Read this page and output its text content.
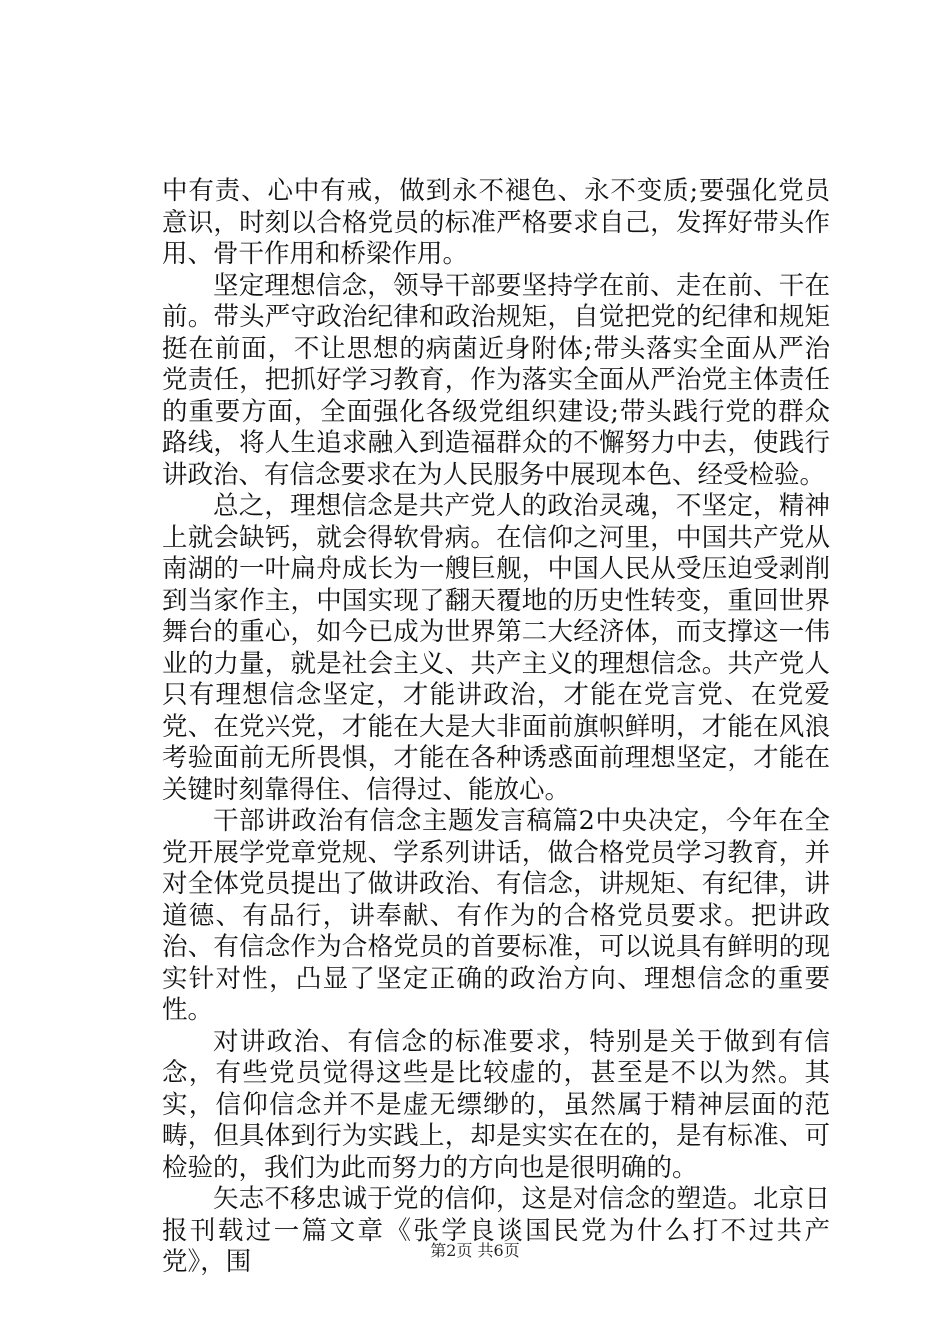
中有责、心中有戒，做到永不褪色、永不变质;要强化党员意识，时刻以合格党员的标准严格要求自己，发挥好带头作用、骨干作用和桥梁作用。

坚定理想信念，领导干部要坚持学在前、走在前、干在前。带头严守政治纪律和政治规矩，自觉把党的纪律和规矩挺在前面，不让思想的病菌近身附体;带头落实全面从严治党责任，把抓好学习教育，作为落实全面从严治党主体责任的重要方面，全面强化各级党组织建设;带头践行党的群众路线，将人生追求融入到造福群众的不懈努力中去，使践行讲政治、有信念要求在为人民服务中展现本色、经受检验。

总之，理想信念是共产党人的政治灵魂，不坚定，精神上就会缺钙，就会得软骨病。在信仰之河里，中国共产党从南湖的一叶扁舟成长为一艘巨舰，中国人民从受压迫受剥削到当家作主，中国实现了翻天覆地的历史性转变，重回世界舞台的重心，如今已成为世界第二大经济体，而支撑这一伟业的力量，就是社会主义、共产主义的理想信念。共产党人只有理想信念坚定，才能讲政治，才能在党言党、在党爱党、在党兴党，才能在大是大非面前旗帜鲜明，才能在风浪考验面前无所畏惧，才能在各种诱惑面前理想坚定，才能在关键时刻靠得住、信得过、能放心。

干部讲政治有信念主题发言稿篇2中央决定，今年在全党开展学党章党规、学系列讲话，做合格党员学习教育，并对全体党员提出了做讲政治、有信念，讲规矩、有纪律，讲道德、有品行，讲奉献、有作为的合格党员要求。把讲政治、有信念作为合格党员的首要标准，可以说具有鲜明的现实针对性，凸显了坚定正确的政治方向、理想信念的重要性。

对讲政治、有信念的标准要求，特别是关于做到有信念，有些党员觉得这些是比较虚的，甚至是不以为然。其实，信仰信念并不是虚无缥缈的，虽然属于精神层面的范畴，但具体到行为实践上，却是实实在在的，是有标准、可检验的，我们为此而努力的方向也是很明确的。

矢志不移忠诚于党的信仰，这是对信念的塑造。北京日报刊载过一篇文章《张学良谈国民党为什么打不过共产党》，围	第2页 共6页
